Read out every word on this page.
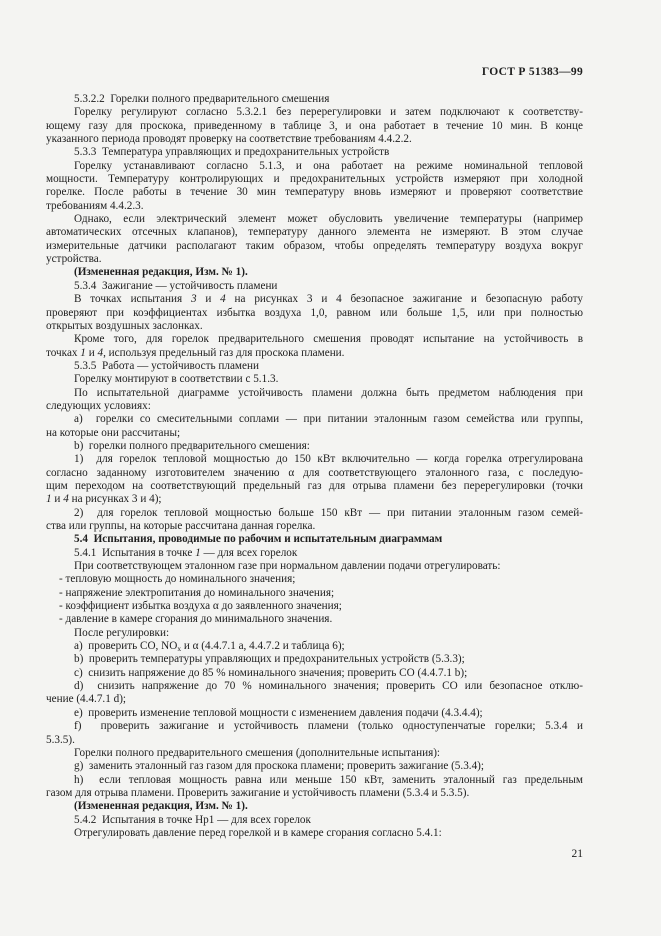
ГОСТ Р 51383—99
5.3.2.2  Горелки полного предварительного смешения
Горелку регулируют согласно 5.3.2.1 без перерегулировки и затем подключают к соответству-
ющему газу для проскока, приведенному в таблице 3, и она работает в течение 10 мин. В конце
указанного периода проводят проверку на соответствие требованиям 4.4.2.2.
5.3.3  Температура управляющих и предохранительных устройств
Горелку устанавливают согласно 5.1.3, и она работает на режиме номинальной тепловой
мощности. Температуру контролирующих и предохранительных устройств измеряют при холодной
горелке. После работы в течение 30 мин температуру вновь измеряют и проверяют соответствие
требованиям 4.4.2.3.
Однако, если электрический элемент может обусловить увеличение температуры (например
автоматических отсечных клапанов), температуру данного элемента не измеряют. В этом случае
измерительные датчики располагают таким образом, чтобы определять температуру воздуха вокруг
устройства.
(Измененная редакция, Изм. № 1).
5.3.4  Зажигание — устойчивость пламени
В точках испытания 3 и 4 на рисунках 3 и 4 безопасное зажигание и безопасную работу
проверяют при коэффициентах избытка воздуха 1,0, равном или больше 1,5, или при полностью
открытых воздушных заслонках.
Кроме того, для горелок предварительного смешения проводят испытание на устойчивость в
точках 1 и 4, используя предельный газ для проскока пламени.
5.3.5  Работа — устойчивость пламени
Горелку монтируют в соответствии с 5.1.3.
По испытательной диаграмме устойчивость пламени должна быть предметом наблюдения при
следующих условиях:
а)  горелки со смесительными соплами — при питании эталонным газом семейства или группы,
на которые они рассчитаны;
b)  горелки полного предварительного смешения:
1)  для горелок тепловой мощностью до 150 кВт включительно — когда горелка отрегулирована
согласно заданному изготовителем значению α для соответствующего эталонного газа, с последую-
щим переходом на соответствующий предельный газ для отрыва пламени без перерегулировки (точки
1 и 4 на рисунках 3 и 4);
2)  для горелок тепловой мощностью больше 150 кВт — при питании эталонным газом семей-
ства или группы, на которые рассчитана данная горелка.
5.4  Испытания, проводимые по рабочим и испытательным диаграммам
5.4.1  Испытания в точке 1 — для всех горелок
При соответствующем эталонном газе при нормальном давлении подачи отрегулировать:
- тепловую мощность до номинального значения;
- напряжение электропитания до номинального значения;
- коэффициент избытка воздуха α до заявленного значения;
- давление в камере сгорания до минимального значения.
После регулировки:
a)  проверить CO, NOx и α (4.4.7.1 a, 4.4.7.2 и таблица 6);
b)  проверить температуры управляющих и предохранительных устройств (5.3.3);
c)  снизить напряжение до 85 % номинального значения; проверить CO (4.4.7.1 b);
d)  снизить напряжение до 70 % номинального значения; проверить CO или безопасное отклю-
чение (4.4.7.1 d);
e)  проверить изменение тепловой мощности с изменением давления подачи (4.3.4.4);
f)  проверить зажигание и устойчивость пламени (только одноступенчатые горелки; 5.3.4 и
5.3.5).
Горелки полного предварительного смешения (дополнительные испытания):
g)  заменить эталонный газ газом для проскока пламени; проверить зажигание (5.3.4);
h)  если тепловая мощность равна или меньше 150 кВт, заменить эталонный газ предельным
газом для отрыва пламени. Проверить зажигание и устойчивость пламени (5.3.4 и 5.3.5).
(Измененная редакция, Изм. № 1).
5.4.2  Испытания в точке Hp1 — для всех горелок
Отрегулировать давление перед горелкой и в камере сгорания согласно 5.4.1:
21
